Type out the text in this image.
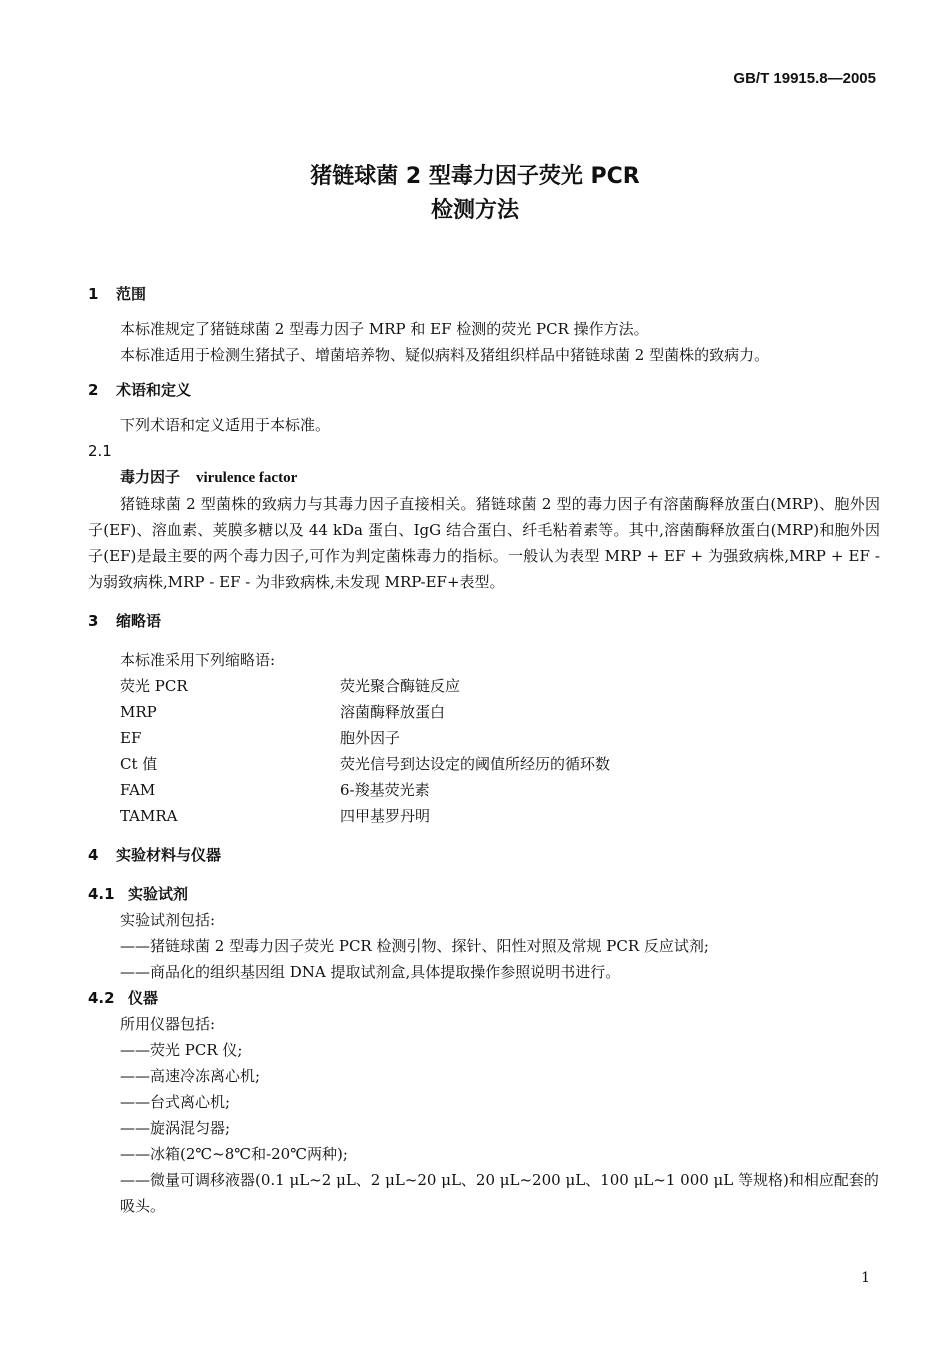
GB/T 19915.8—2005
猪链球菌 2 型毒力因子荧光 PCR
检测方法
1 范围
本标准规定了猪链球菌 2 型毒力因子 MRP 和 EF 检测的荧光 PCR 操作方法。
本标准适用于检测生猪拭子、增菌培养物、疑似病料及猪组织样品中猪链球菌 2 型菌株的致病力。
2 术语和定义
下列术语和定义适用于本标准。
2.1
毒力因子 virulence factor
猪链球菌 2 型菌株的致病力与其毒力因子直接相关。猪链球菌 2 型的毒力因子有溶菌酶释放蛋白(MRP)、胞外因子(EF)、溶血素、荚膜多糖以及 44 kDa 蛋白、IgG 结合蛋白、纤毛粘着素等。其中,溶菌酶释放蛋白(MRP)和胞外因子(EF)是最主要的两个毒力因子,可作为判定菌株毒力的指标。一般认为表型 MRP + EF + 为强致病株,MRP + EF - 为弱致病株,MRP - EF - 为非致病株,未发现 MRP-EF+表型。
3 缩略语
本标准采用下列缩略语:
荧光 PCR	荧光聚合酶链反应
MRP	溶菌酶释放蛋白
EF	胞外因子
Ct 值	荧光信号到达设定的阈值所经历的循环数
FAM	6-羧基荧光素
TAMRA	四甲基罗丹明
4 实验材料与仪器
4.1 实验试剂
实验试剂包括:
——猪链球菌 2 型毒力因子荧光 PCR 检测引物、探针、阳性对照及常规 PCR 反应试剂;
——商品化的组织基因组 DNA 提取试剂盒,具体提取操作参照说明书进行。
4.2 仪器
所用仪器包括:
——荧光 PCR 仪;
——高速冷冻离心机;
——台式离心机;
——旋涡混匀器;
——冰箱(2℃~8℃和-20℃两种);
——微量可调移液器(0.1 μL~2 μL、2 μL~20 μL、20 μL~200 μL、100 μL~1 000 μL 等规格)和相应配套的吸头。
1
